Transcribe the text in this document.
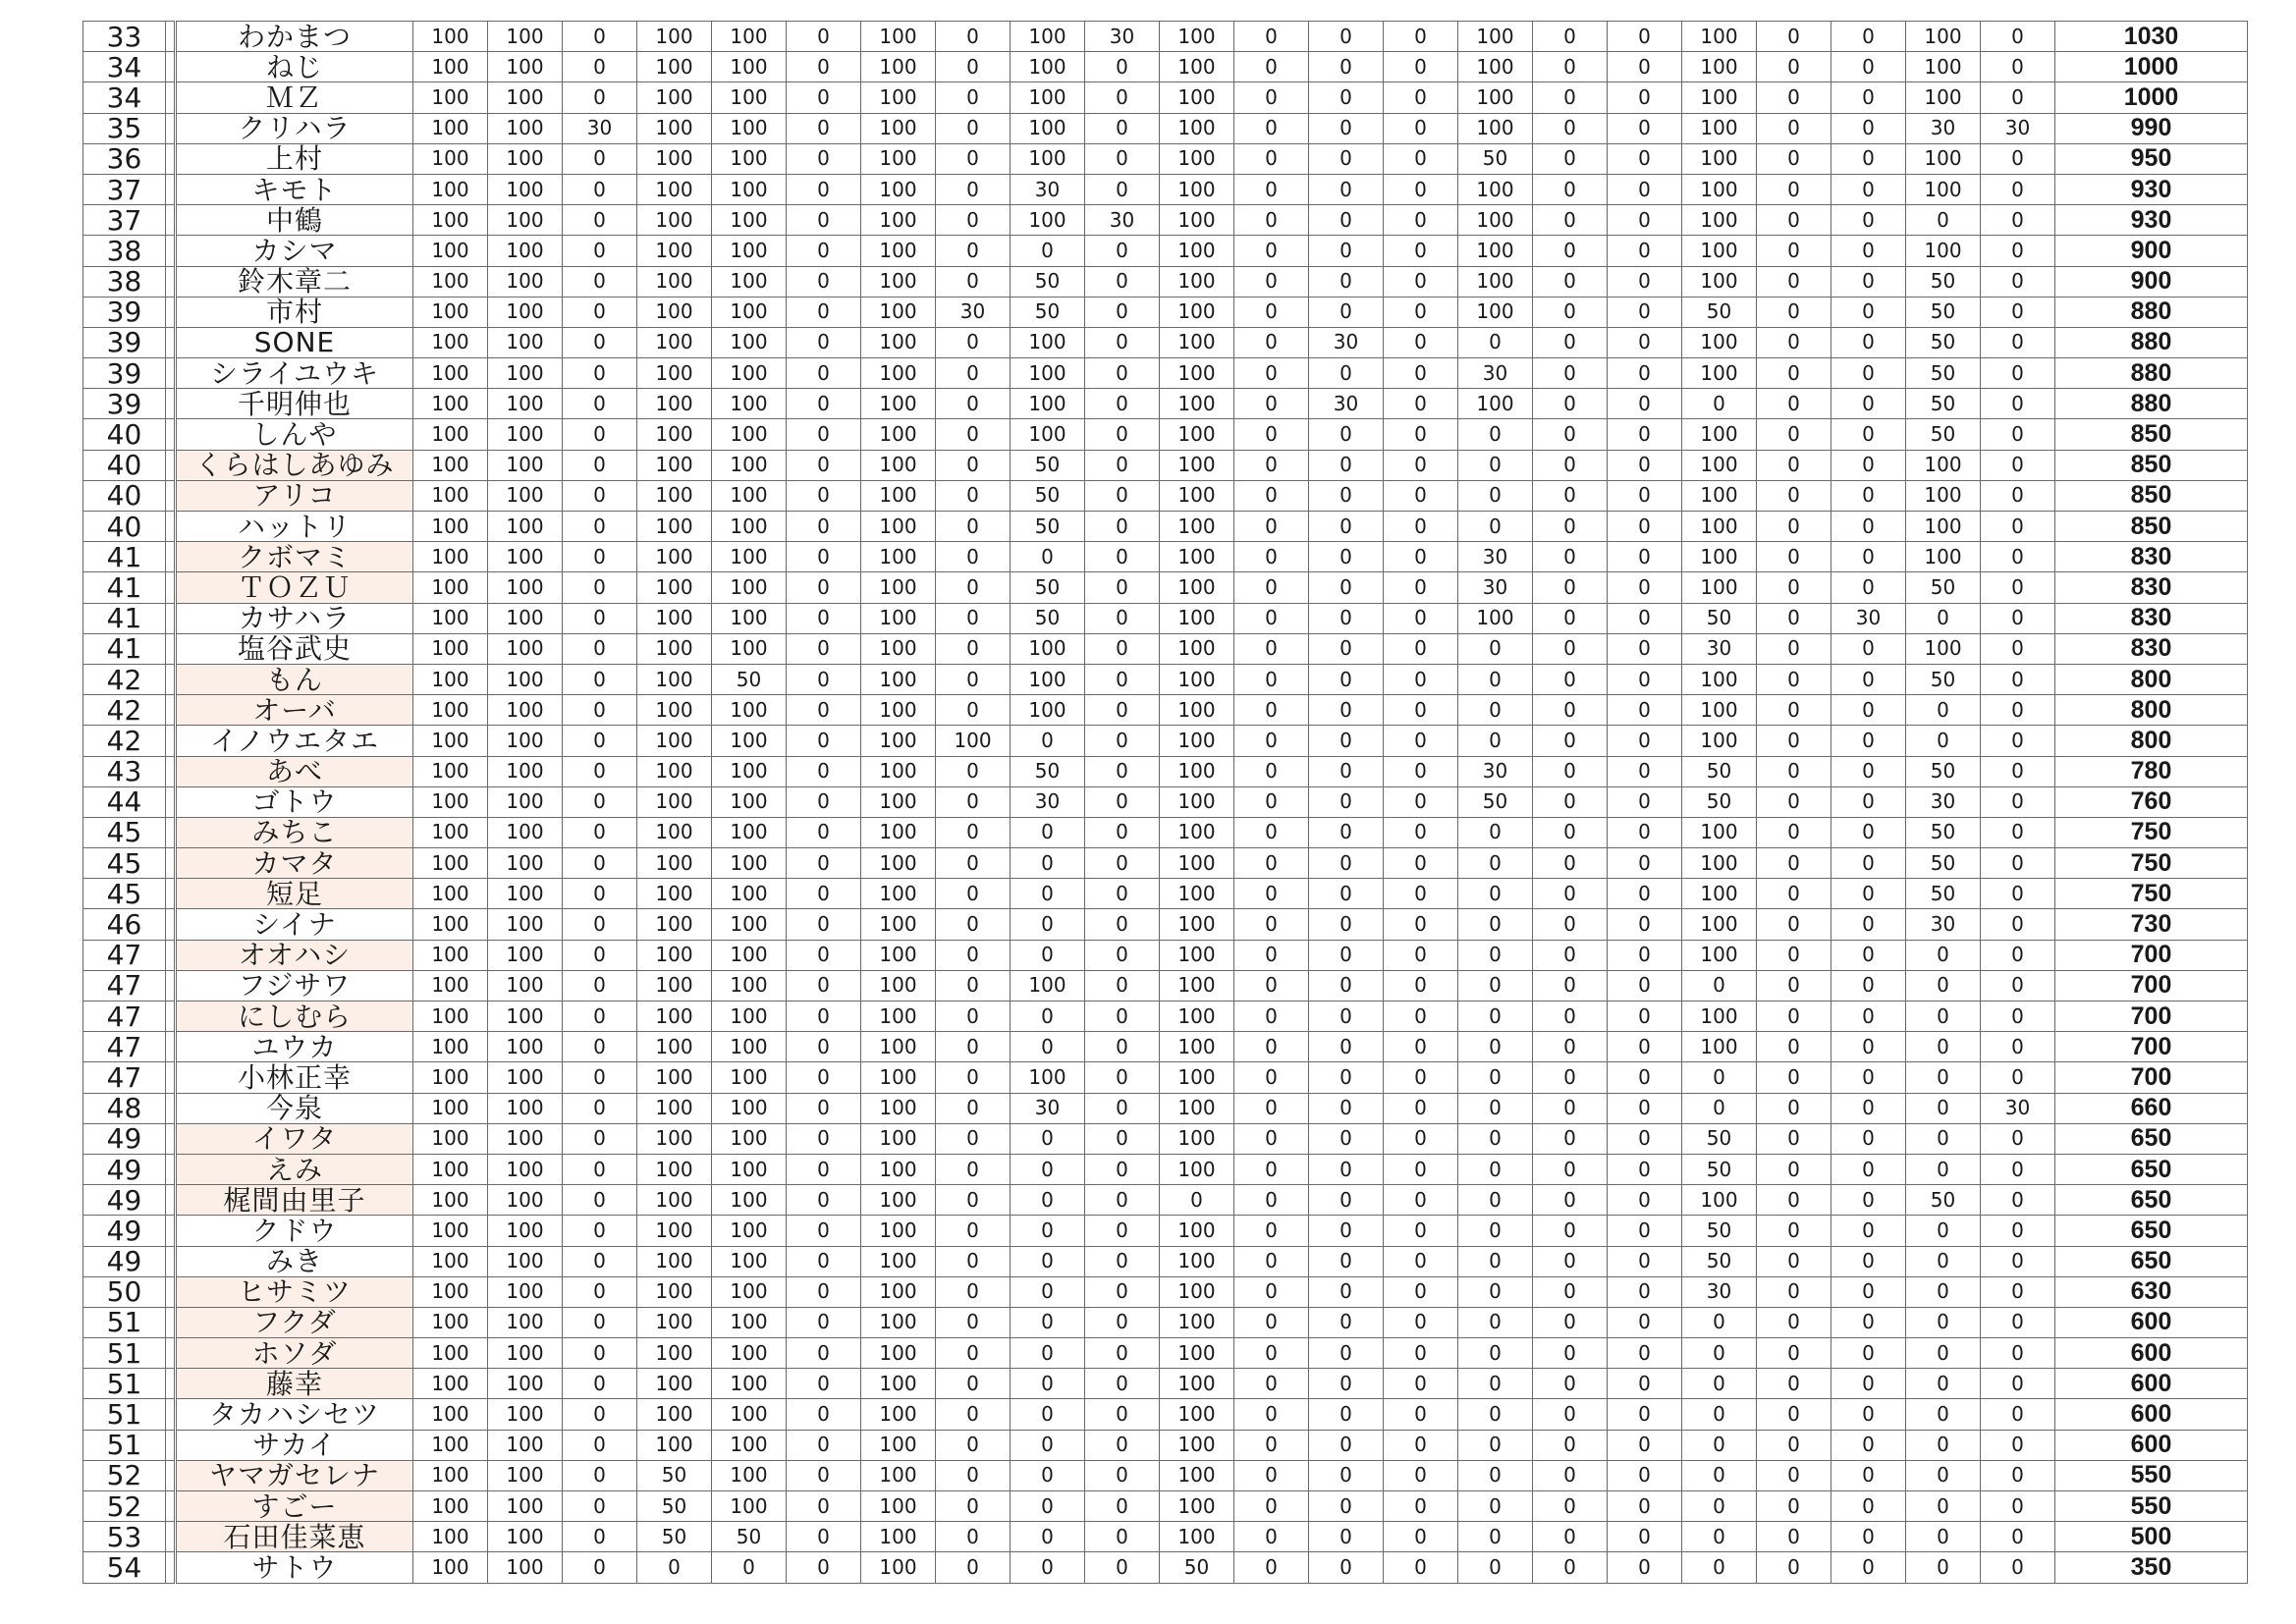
33		わかまつ	100	100	0	100	100	0	100	0	100	30	100	0	0	0	100	0	0	100	0	0	100	0	1030
34		ねじ	100	100	0	100	100	0	100	0	100	0	100	0	0	0	100	0	0	100	0	0	100	0	1000
34		ＭＺ	100	100	0	100	100	0	100	0	100	0	100	0	0	0	100	0	0	100	0	0	100	0	1000
35		クリハラ	100	100	30	100	100	0	100	0	100	0	100	0	0	0	100	0	0	100	0	0	30	30	990
36		上村	100	100	0	100	100	0	100	0	100	0	100	0	0	0	50	0	0	100	0	0	100	0	950
37		キモト	100	100	0	100	100	0	100	0	30	0	100	0	0	0	100	0	0	100	0	0	100	0	930
37		中鶴	100	100	0	100	100	0	100	0	100	30	100	0	0	0	100	0	0	100	0	0	0	0	930
38		カシマ	100	100	0	100	100	0	100	0	0	0	100	0	0	0	100	0	0	100	0	0	100	0	900
38		鈴木章二	100	100	0	100	100	0	100	0	50	0	100	0	0	0	100	0	0	100	0	0	50	0	900
39		市村	100	100	0	100	100	0	100	30	50	0	100	0	0	0	100	0	0	50	0	0	50	0	880
39		SONE	100	100	0	100	100	0	100	0	100	0	100	0	30	0	0	0	0	100	0	0	50	0	880
39		シライユウキ	100	100	0	100	100	0	100	0	100	0	100	0	0	0	30	0	0	100	0	0	50	0	880
39		千明伸也	100	100	0	100	100	0	100	0	100	0	100	0	30	0	100	0	0	0	0	0	50	0	880
40		しんや	100	100	0	100	100	0	100	0	100	0	100	0	0	0	0	0	0	100	0	0	50	0	850
40		くらはしあゆみ	100	100	0	100	100	0	100	0	50	0	100	0	0	0	0	0	0	100	0	0	100	0	850
40		アリコ	100	100	0	100	100	0	100	0	50	0	100	0	0	0	0	0	0	100	0	0	100	0	850
40		ハットリ	100	100	0	100	100	0	100	0	50	0	100	0	0	0	0	0	0	100	0	0	100	0	850
41		クボマミ	100	100	0	100	100	0	100	0	0	0	100	0	0	0	30	0	0	100	0	0	100	0	830
41		ＴＯＺＵ	100	100	0	100	100	0	100	0	50	0	100	0	0	0	30	0	0	100	0	0	50	0	830
41		カサハラ	100	100	0	100	100	0	100	0	50	0	100	0	0	0	100	0	0	50	0	30	0	0	830
41		塩谷武史	100	100	0	100	100	0	100	0	100	0	100	0	0	0	0	0	0	30	0	0	100	0	830
42		もん	100	100	0	100	50	0	100	0	100	0	100	0	0	0	0	0	0	100	0	0	50	0	800
42		オーバ	100	100	0	100	100	0	100	0	100	0	100	0	0	0	0	0	0	100	0	0	0	0	800
42		イノウエタエ	100	100	0	100	100	0	100	100	0	0	100	0	0	0	0	0	0	100	0	0	0	0	800
43		あべ	100	100	0	100	100	0	100	0	50	0	100	0	0	0	30	0	0	50	0	0	50	0	780
44		ゴトウ	100	100	0	100	100	0	100	0	30	0	100	0	0	0	50	0	0	50	0	0	30	0	760
45		みちこ	100	100	0	100	100	0	100	0	0	0	100	0	0	0	0	0	0	100	0	0	50	0	750
45		カマタ	100	100	0	100	100	0	100	0	0	0	100	0	0	0	0	0	0	100	0	0	50	0	750
45		短足	100	100	0	100	100	0	100	0	0	0	100	0	0	0	0	0	0	100	0	0	50	0	750
46		シイナ	100	100	0	100	100	0	100	0	0	0	100	0	0	0	0	0	0	100	0	0	30	0	730
47		オオハシ	100	100	0	100	100	0	100	0	0	0	100	0	0	0	0	0	0	100	0	0	0	0	700
47		フジサワ	100	100	0	100	100	0	100	0	100	0	100	0	0	0	0	0	0	0	0	0	0	0	700
47		にしむら	100	100	0	100	100	0	100	0	0	0	100	0	0	0	0	0	0	100	0	0	0	0	700
47		ユウカ	100	100	0	100	100	0	100	0	0	0	100	0	0	0	0	0	0	100	0	0	0	0	700
47		小林正幸	100	100	0	100	100	0	100	0	100	0	100	0	0	0	0	0	0	0	0	0	0	0	700
48		今泉	100	100	0	100	100	0	100	0	30	0	100	0	0	0	0	0	0	0	0	0	0	30	660
49		イワタ	100	100	0	100	100	0	100	0	0	0	100	0	0	0	0	0	0	50	0	0	0	0	650
49		えみ	100	100	0	100	100	0	100	0	0	0	100	0	0	0	0	0	0	50	0	0	0	0	650
49		梶間由里子	100	100	0	100	100	0	100	0	0	0	0	0	0	0	0	0	0	100	0	0	50	0	650
49		クドウ	100	100	0	100	100	0	100	0	0	0	100	0	0	0	0	0	0	50	0	0	0	0	650
49		みき	100	100	0	100	100	0	100	0	0	0	100	0	0	0	0	0	0	50	0	0	0	0	650
50		ヒサミツ	100	100	0	100	100	0	100	0	0	0	100	0	0	0	0	0	0	30	0	0	0	0	630
51		フクダ	100	100	0	100	100	0	100	0	0	0	100	0	0	0	0	0	0	0	0	0	0	0	600
51		ホソダ	100	100	0	100	100	0	100	0	0	0	100	0	0	0	0	0	0	0	0	0	0	0	600
51		藤幸	100	100	0	100	100	0	100	0	0	0	100	0	0	0	0	0	0	0	0	0	0	0	600
51		タカハシセツ	100	100	0	100	100	0	100	0	0	0	100	0	0	0	0	0	0	0	0	0	0	0	600
51		サカイ	100	100	0	100	100	0	100	0	0	0	100	0	0	0	0	0	0	0	0	0	0	0	600
52		ヤマガセレナ	100	100	0	50	100	0	100	0	0	0	100	0	0	0	0	0	0	0	0	0	0	0	550
52		すごー	100	100	0	50	100	0	100	0	0	0	100	0	0	0	0	0	0	0	0	0	0	0	550
53		石田佳菜恵	100	100	0	50	50	0	100	0	0	0	100	0	0	0	0	0	0	0	0	0	0	0	500
54		サトウ	100	100	0	0	0	0	100	0	0	0	50	0	0	0	0	0	0	0	0	0	0	0	350
